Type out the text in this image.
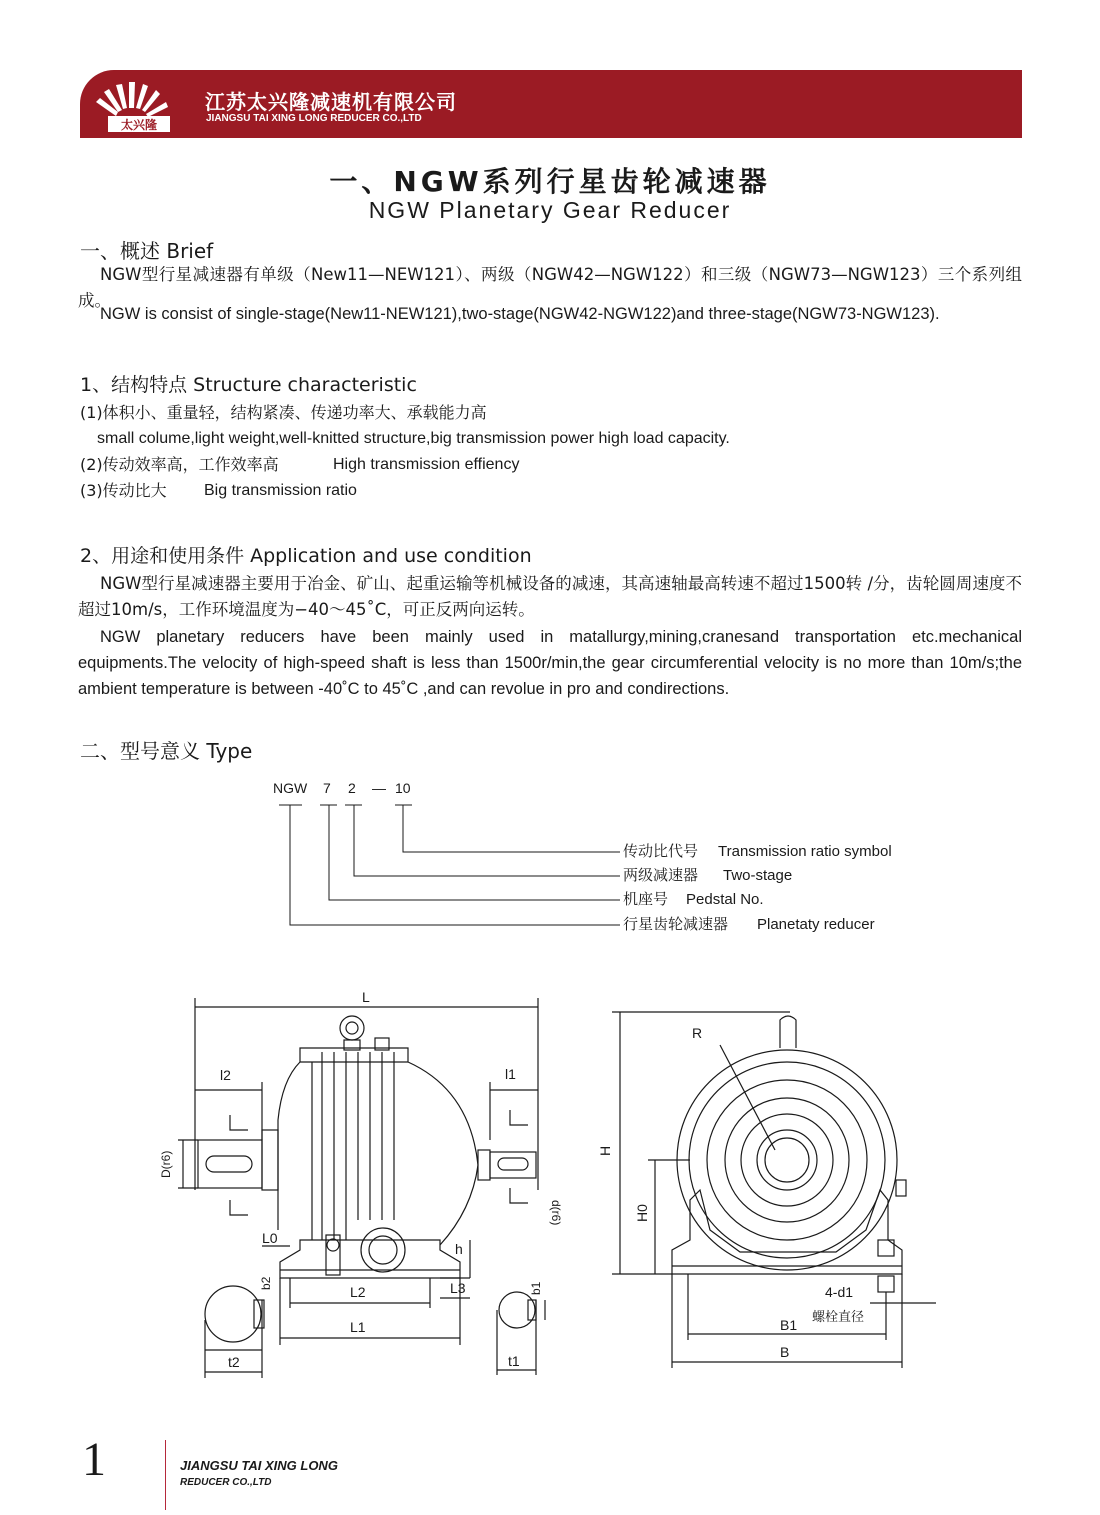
太兴隆
江苏太兴隆减速机有限公司
JIANGSU TAI XING LONG REDUCER CO.,LTD
一、NGW系列行星齿轮减速器
NGW Planetary Gear Reducer
一、概述 Brief
NGW型行星减速器有单级（New11—NEW121）、两级（NGW42—NGW122）和三级（NGW73—NGW123）三个系列组成。
NGW is consist of single-stage(New11-NEW121),two-stage(NGW42-NGW122)and three-stage(NGW73-NGW123).
1、结构特点 Structure characteristic
(1)体积小、重量轻，结构紧凑、传递功率大、承载能力高
small colume,light weight,well-knitted structure,big transmission power high load capacity.
(2)传动效率高，工作效率高	High transmission effiency
(3)传动比大 Big transmission ratio
2、用途和使用条件 Application and use condition
NGW型行星减速器主要用于冶金、矿山、起重运输等机械设备的减速，其高速轴最高转速不超过1500转 /分，齿轮圆周速度不超过10m/s，工作环境温度为−40～45˚C，可正反两向运转。
NGW planetary reducers have been mainly used in matallurgy,mining,cranesand transportation etc.mechanical equipments.The velocity of high-speed shaft is less than 1500r/min,the gear circumferential velocity is no more than 10m/s;the ambient temperature is between -40˚C to 45˚C ,and can revolue in pro and condirections.
二、型号意义 Type
NGW 7 2 — 10
传动比代号 Transmission ratio symbol
两级减速器 Two-stage
机座号 Pedstal No.
行星齿轮减速器 Planetaty reducer
L
l2	l1
D(r6)
d(r6)
L0
h
L2	L3
L1
b2
t2
b1
t1
R
H
H0
4-d1
螺栓直径
B1
B
1	JIANGSU TAI XING LONG
REDUCER CO.,LTD
